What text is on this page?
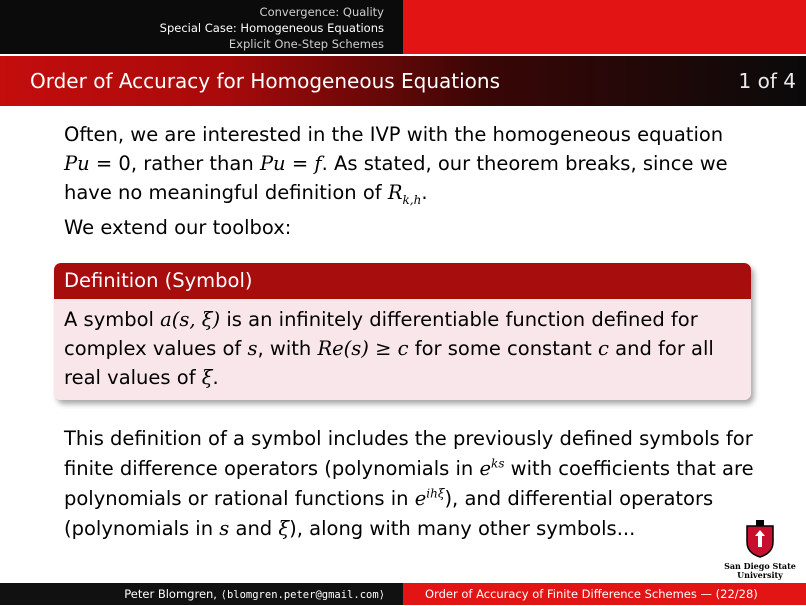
Convergence: Quality
Special Case: Homogeneous Equations
Explicit One-Step Schemes
Order of Accuracy for Homogeneous Equations	1 of 4

Often, we are interested in the IVP with the homogeneous equation Pu = 0, rather than Pu = f. As stated, our theorem breaks, since we have no meaningful definition of $R_{k,h}$.

We extend our toolbox:

Definition (Symbol)
A symbol a(s, ξ) is an infinitely differentiable function defined for complex values of s, with Re(s) ≥ c for some constant c and for all real values of ξ.

This definition of a symbol includes the previously defined symbols for finite difference operators (polynomials in $e^{ks}$ with coefficients that are polynomials or rational functions in $e^{ih\xi}$), and differential operators (polynomials in s and ξ), along with many other symbols...

San Diego State
University
Peter Blomgren, ⟨blomgren.peter@gmail.com⟩	Order of Accuracy of Finite Difference Schemes — (22/28)
